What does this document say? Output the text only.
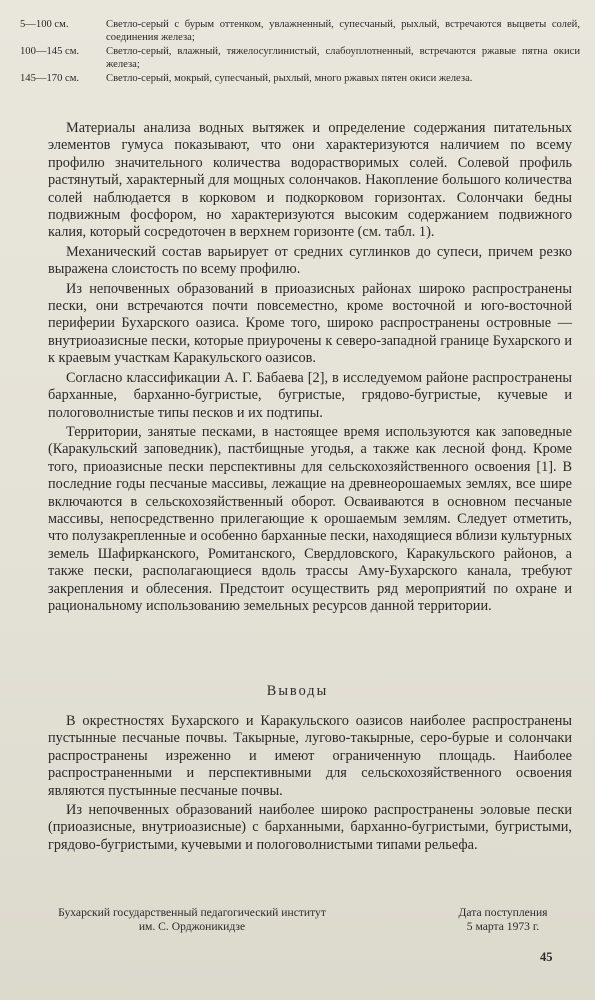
5—100 см.	Светло-серый с бурым оттенком, увлажненный, супесчаный, рыхлый, встречаются выцветы солей, соединения железа;
100—145 см.	Светло-серый, влажный, тяжелосуглинистый, слабоуплотненный, встречаются ржавые пятна окиси железа;
145—170 см.	Светло-серый, мокрый, супесчаный, рыхлый, много ржавых пятен окиси железа.

Материалы анализа водных вытяжек и определение содержания питательных элементов гумуса показывают, что они характеризуются наличием по всему профилю значительного количества водорастворимых солей. Солевой профиль растянутый, характерный для мощных солончаков. Накопление большого количества солей наблюдается в корковом и подкорковом горизонтах. Солончаки бедны подвижным фосфором, но характеризуются высоким содержанием подвижного калия, который сосредоточен в верхнем горизонте (см. табл. 1).

Механический состав варьирует от средних суглинков до супеси, причем резко выражена слоистость по всему профилю.

Из непочвенных образований в приоазисных районах широко распространены пески, они встречаются почти повсеместно, кроме восточной и юго-восточной периферии Бухарского оазиса. Кроме того, широко распространены островные — внутриоазисные пески, которые приурочены к северо-западной границе Бухарского и к краевым участкам Каракульского оазисов.

Согласно классификации А. Г. Бабаева [2], в исследуемом районе распространены барханные, барханно-бугристые, бугристые, грядово-бугристые, кучевые и пологоволнистые типы песков и их подтипы.

Территории, занятые песками, в настоящее время используются как заповедные (Каракульский заповедник), пастбищные угодья, а также как лесной фонд. Кроме того, приоазисные пески перспективны для сельскохозяйственного освоения [1]. В последние годы песчаные массивы, лежащие на древнеорошаемых землях, все шире включаются в сельскохозяйственный оборот. Осваиваются в основном песчаные массивы, непосредственно прилегающие к орошаемым землям. Следует отметить, что полузакрепленные и особенно барханные пески, находящиеся вблизи культурных земель Шафирканского, Ромитанского, Свердловского, Каракульского районов, а также пески, располагающиеся вдоль трассы Аму-Бухарского канала, требуют закрепления и облесения. Предстоит осуществить ряд мероприятий по охране и рациональному использованию земельных ресурсов данной территории.

Выводы

В окрестностях Бухарского и Каракульского оазисов наиболее распространены пустынные песчаные почвы. Такырные, лугово-такырные, серо-бурые и солончаки распространены изреженно и имеют ограниченную площадь. Наиболее распространенными и перспективными для сельскохозяйственного освоения являются пустынные песчаные почвы.

Из непочвенных образований наиболее широко распространены эоловые пески (приоазисные, внутриоазисные) с барханными, барханно-бугристыми, бугристыми, грядово-бугристыми, кучевыми и пологоволнистыми типами рельефа.

Бухарский государственный педагогический институт
им. С. Орджоникидзе
Дата поступления
5 марта 1973 г.
45
